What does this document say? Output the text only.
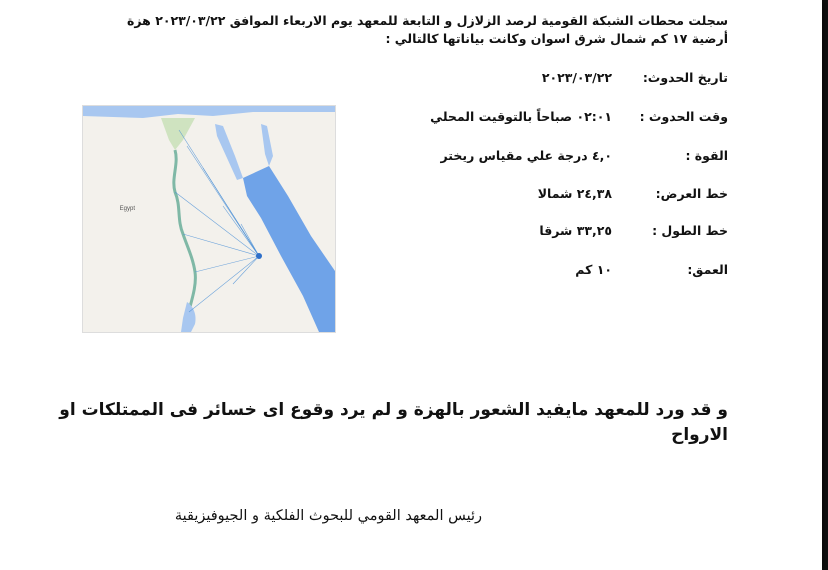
سجلت محطات الشبكة القومية لرصد الزلازل و التابعة للمعهد يوم الاربعاء الموافق ٢٠٢٣/٠٣/٢٢ هزة أرضية ١٧ كم شمال شرق اسوان وكانت بياناتها كالتالي :
تاريخ الحدوث:
٢٠٢٣/٠٣/٢٢
وقت الحدوث :
٠٢:٠١ صباحاً بالتوقيت المحلي
القوة :
٤,٠ درجة علي مقياس ريختر
خط العرض:
٢٤,٣٨ شمالا
خط الطول :
٣٣,٢٥ شرقا
العمق:
١٠ كم
Egypt
و قد ورد للمعهد مايفيد الشعور بالهزة و لم يرد وقوع اى خسائر فى الممتلكات او الارواح
رئيس المعهد القومي للبحوث الفلكية و الجيوفيزيقية
